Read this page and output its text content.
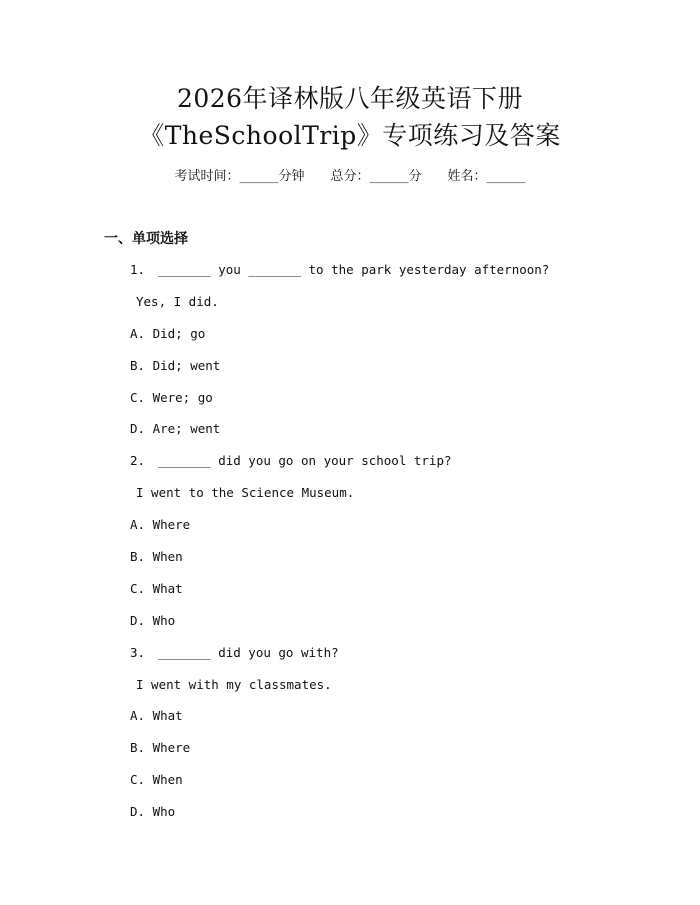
2026年译林版八年级英语下册
《TheSchoolTrip》专项练习及答案
考试时间：______分钟 总分：______分 姓名：______
一、单项选择
1. _______ you _______ to the park yesterday afternoon?
Yes, I did.
A. Did; go
B. Did; went
C. Were; go
D. Are; went
2. _______ did you go on your school trip?
I went to the Science Museum.
A. Where
B. When
C. What
D. Who
3. _______ did you go with?
I went with my classmates.
A. What
B. Where
C. When
D. Who
